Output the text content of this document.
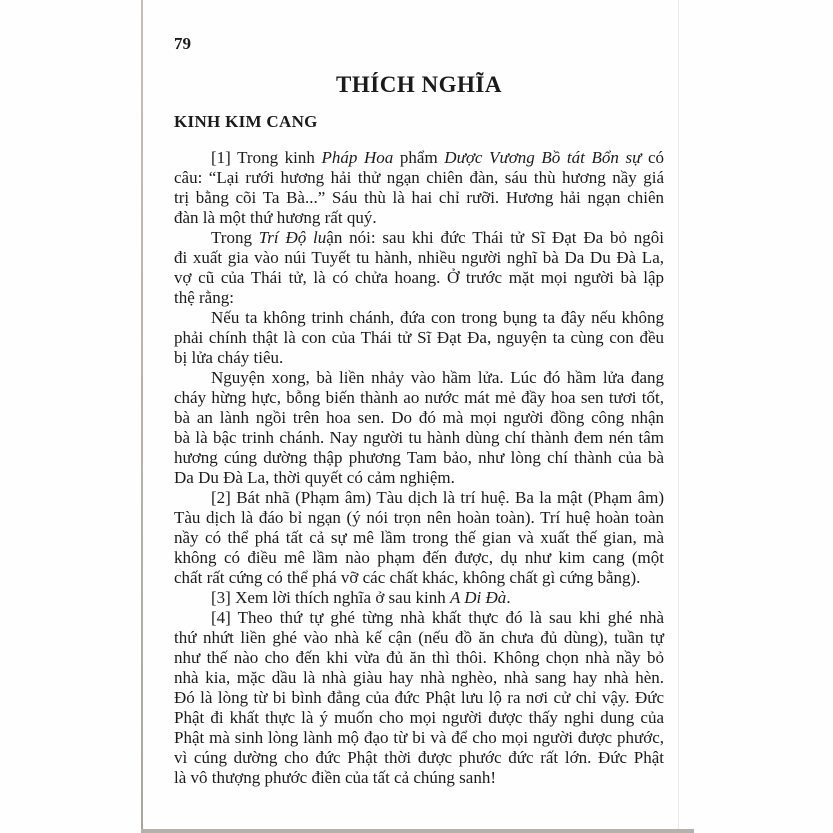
79
THÍCH NGHĨA
KINH KIM CANG

[1] Trong kinh Pháp Hoa phẩm Dược Vương Bồ tát Bổn sự có
câu: “Lại rưới hương hải thử ngạn chiên đàn, sáu thù hương nầy giá
trị bằng cõi Ta Bà...” Sáu thù là hai chỉ rưỡi. Hương hải ngạn chiên
đàn là một thứ hương rất quý.

Trong Trí Độ luận nói: sau khi đức Thái tử Sĩ Đạt Đa bỏ ngôi
đi xuất gia vào núi Tuyết tu hành, nhiều người nghĩ bà Da Du Đà La,
vợ cũ của Thái tử, là có chửa hoang. Ở trước mặt mọi người bà lập
thệ rằng:

Nếu ta không trinh chánh, đứa con trong bụng ta đây nếu không
phải chính thật là con của Thái tử Sĩ Đạt Đa, nguyện ta cùng con đều
bị lửa cháy tiêu.

Nguyện xong, bà liền nhảy vào hầm lửa. Lúc đó hầm lửa đang
cháy hừng hực, bỗng biến thành ao nước mát mẻ đầy hoa sen tươi tốt,
bà an lành ngồi trên hoa sen. Do đó mà mọi người đồng công nhận
bà là bậc trinh chánh. Nay người tu hành dùng chí thành đem nén tâm
hương cúng dường thập phương Tam bảo, như lòng chí thành của bà
Da Du Đà La, thời quyết có cảm nghiệm.

[2] Bát nhã (Phạm âm) Tàu dịch là trí huệ. Ba la mật (Phạm âm)
Tàu dịch là đáo bỉ ngạn (ý nói trọn nên hoàn toàn). Trí huệ hoàn toàn
nầy có thể phá tất cả sự mê lầm trong thế gian và xuất thế gian, mà
không có điều mê lầm nào phạm đến được, dụ như kim cang (một
chất rất cứng có thể phá vỡ các chất khác, không chất gì cứng bằng).

[3] Xem lời thích nghĩa ở sau kinh A Di Đà.

[4] Theo thứ tự ghé từng nhà khất thực đó là sau khi ghé nhà
thứ nhứt liền ghé vào nhà kế cận (nếu đồ ăn chưa đủ dùng), tuần tự
như thế nào cho đến khi vừa đủ ăn thì thôi. Không chọn nhà nầy bỏ
nhà kia, mặc dầu là nhà giàu hay nhà nghèo, nhà sang hay nhà hèn.
Đó là lòng từ bi bình đẳng của đức Phật lưu lộ ra nơi cử chỉ vậy. Đức
Phật đi khất thực là ý muốn cho mọi người được thấy nghi dung của
Phật mà sinh lòng lành mộ đạo từ bi và để cho mọi người được phước,
vì cúng dường cho đức Phật thời được phước đức rất lớn. Đức Phật
là vô thượng phước điền của tất cả chúng sanh!
